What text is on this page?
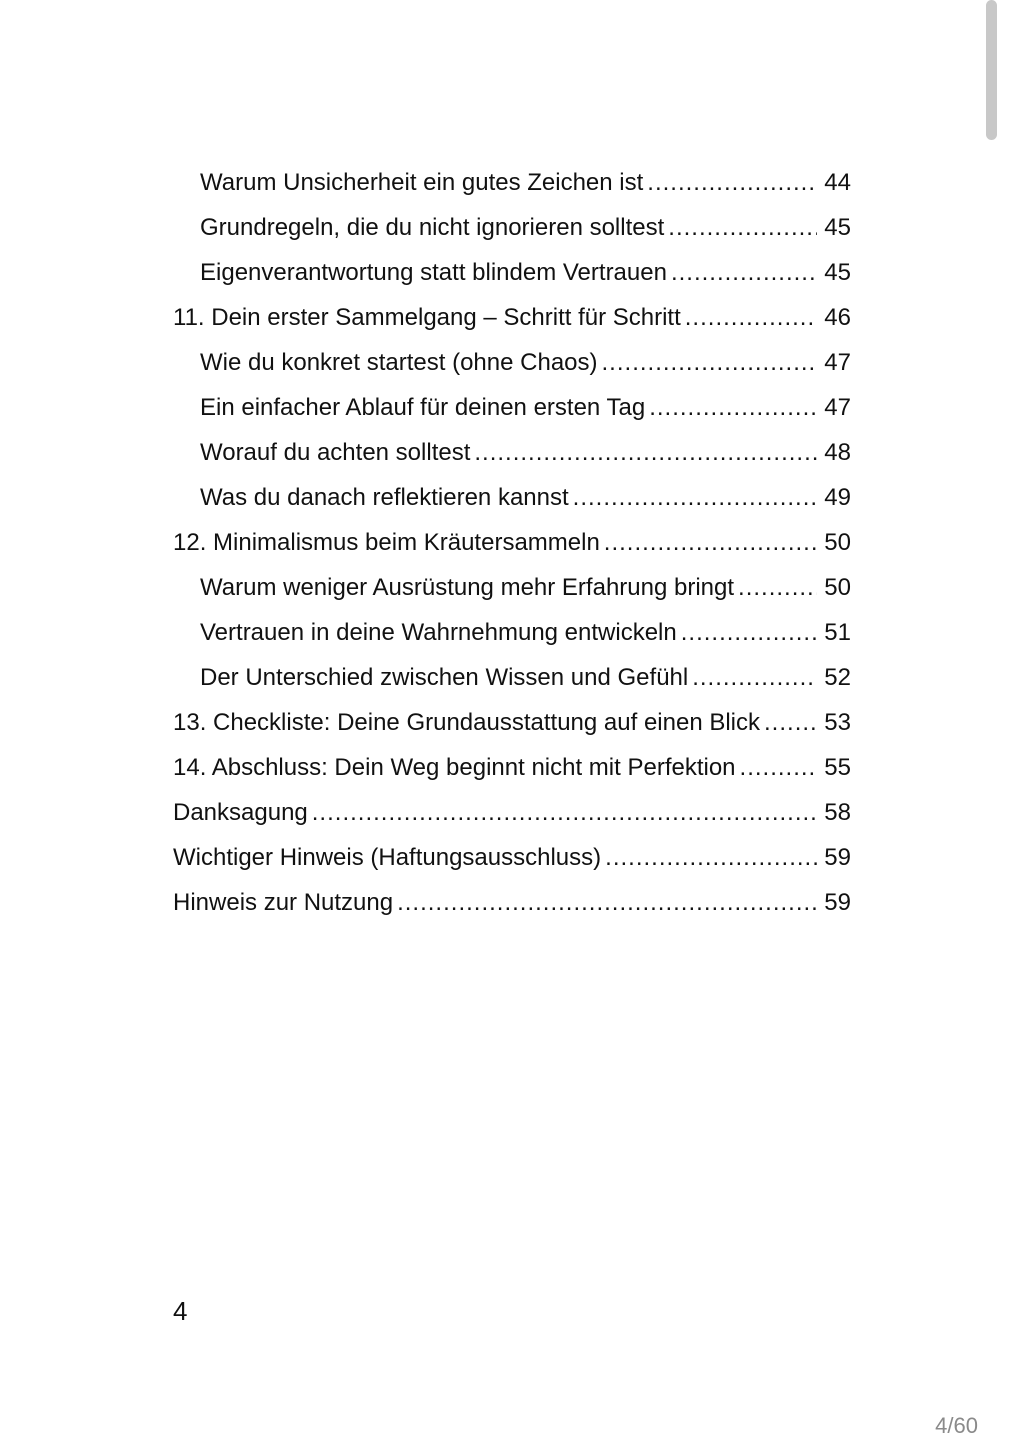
Warum Unsicherheit ein gutes Zeichen ist .....	44
Grundregeln, die du nicht ignorieren solltest .....	45
Eigenverantwortung statt blindem Vertrauen .....	45
11. Dein erster Sammelgang – Schritt für Schritt .....	46
Wie du konkret startest (ohne Chaos) .....	47
Ein einfacher Ablauf für deinen ersten Tag .....	47
Worauf du achten solltest .....	48
Was du danach reflektieren kannst .....	49
12. Minimalismus beim Kräutersammeln .....	50
Warum weniger Ausrüstung mehr Erfahrung bringt .....	50
Vertrauen in deine Wahrnehmung entwickeln .....	51
Der Unterschied zwischen Wissen und Gefühl .....	52
13. Checkliste: Deine Grundausstattung auf einen Blick .....	53
14. Abschluss: Dein Weg beginnt nicht mit Perfektion .....	55
Danksagung .....	58
Wichtiger Hinweis (Haftungsausschluss) .....	59
Hinweis zur Nutzung .....	59
4
4/60
